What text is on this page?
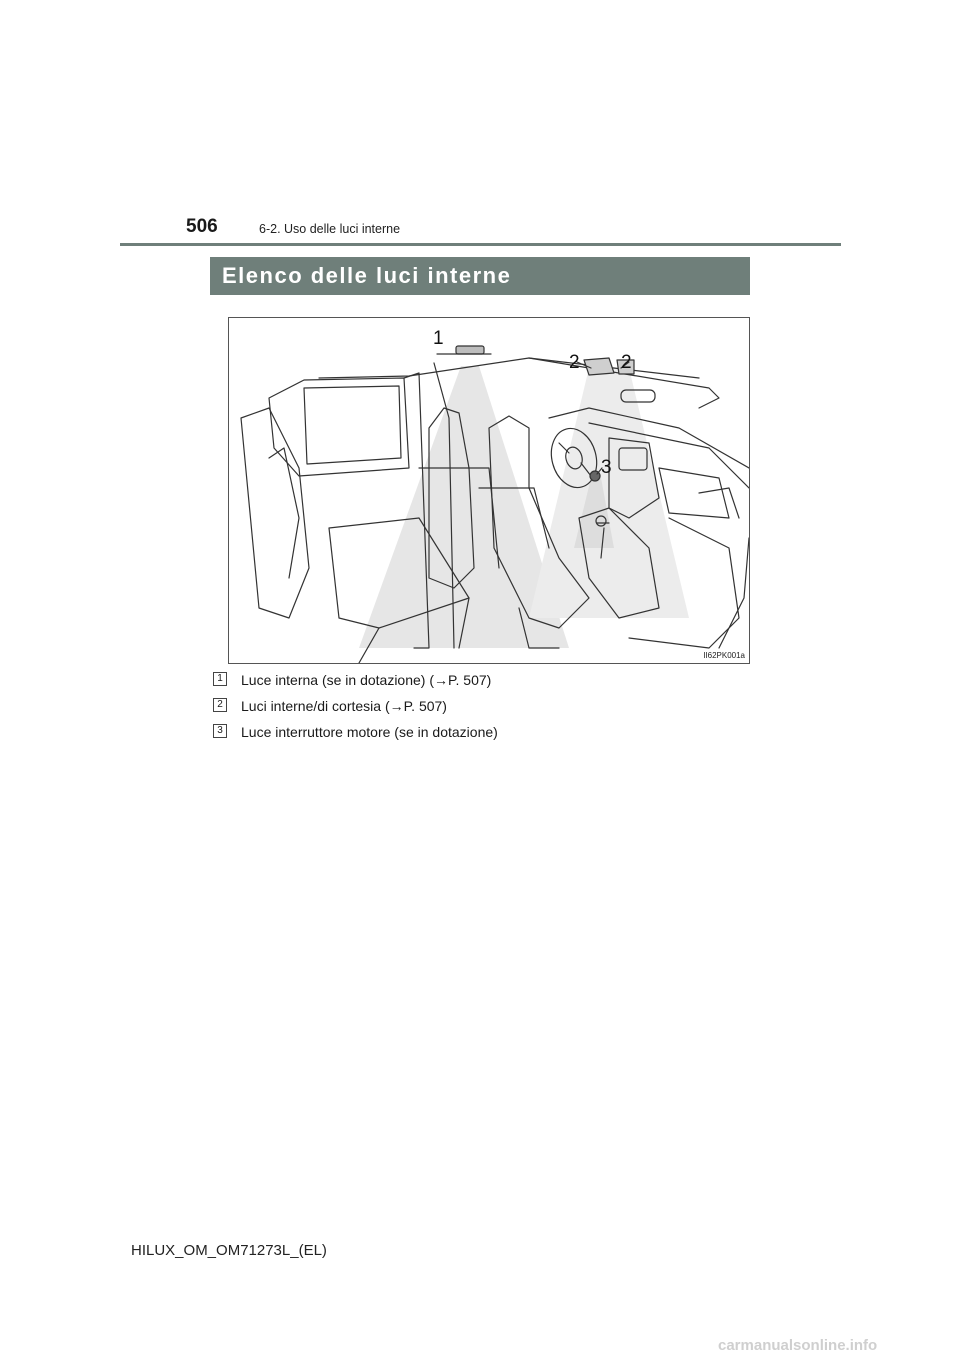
506	6-2. Uso delle luci interne
Elenco delle luci interne
1
2 2
3
II62PK001a
1	Luce interna (se in dotazione) (→P. 507)
2	Luci interne/di cortesia (→P. 507)
3	Luce interruttore motore (se in dotazione)
HILUX_OM_OM71273L_(EL)
carmanualsonline.info
